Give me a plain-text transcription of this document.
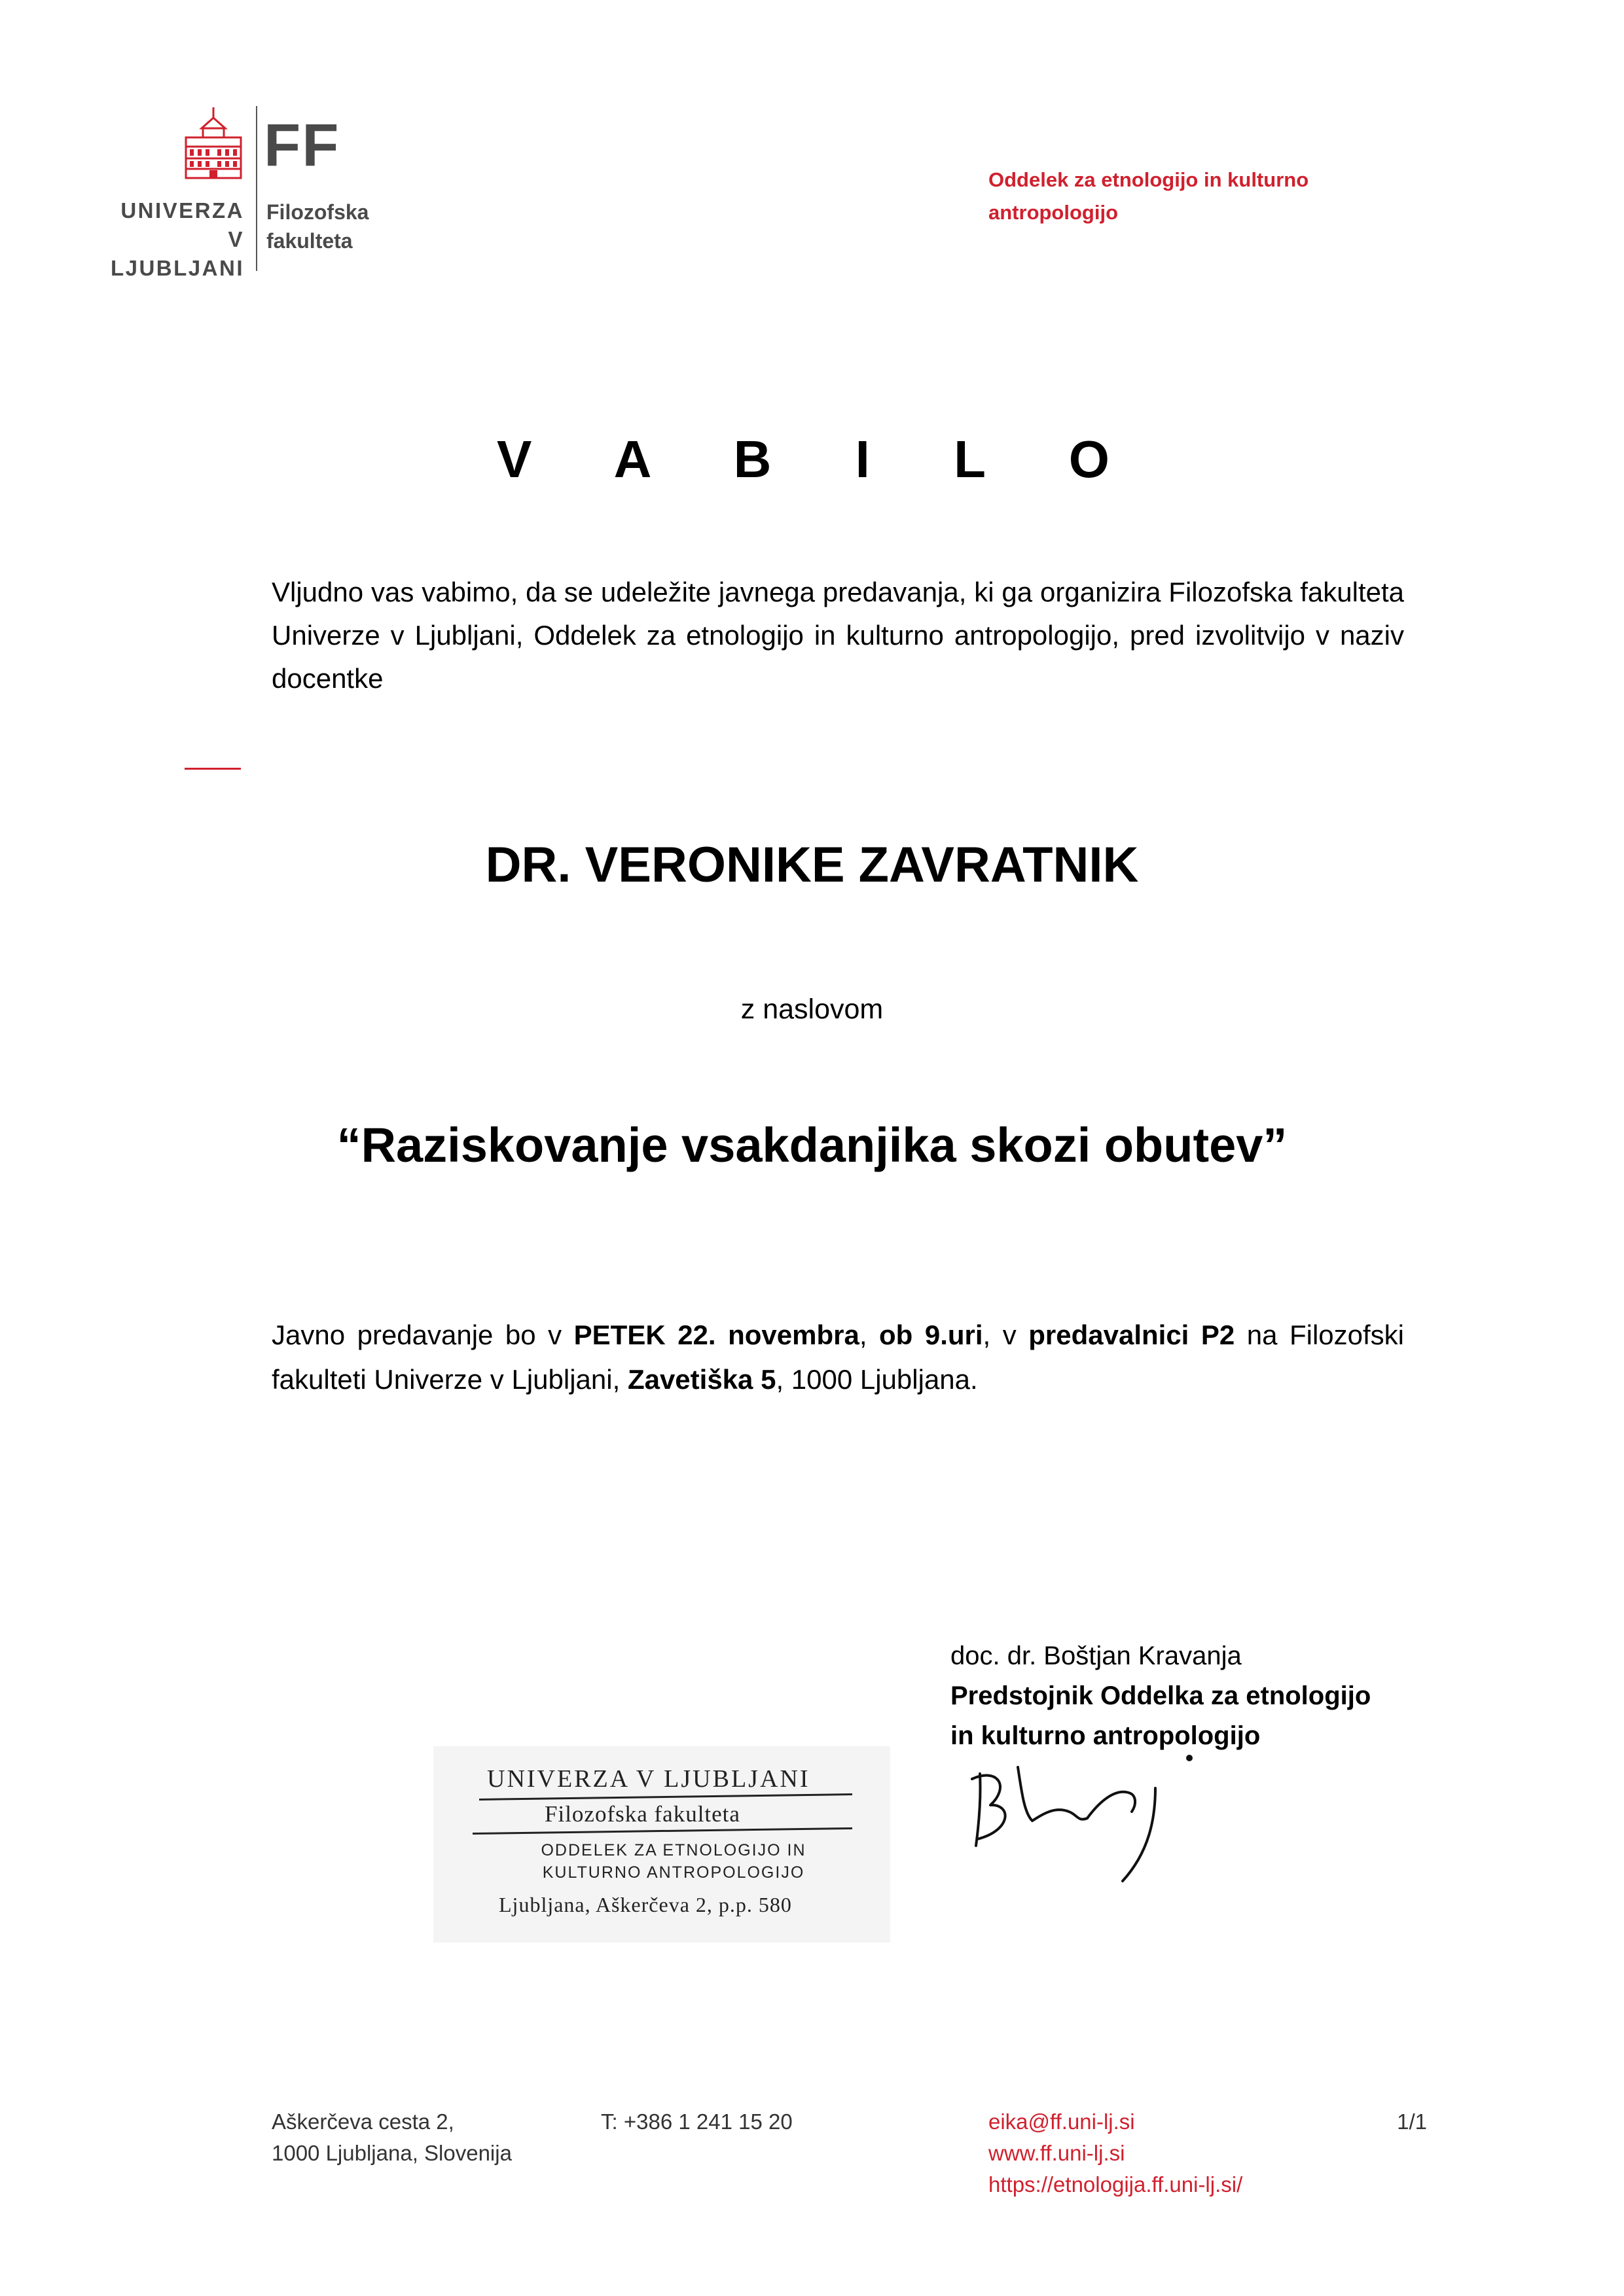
UNIVERZA
V LJUBLJANI
FF
Filozofska
fakulteta
Oddelek za etnologijo in kulturno
antropologijo
V A B I L O
Vljudno vas vabimo, da se udeležite javnega predavanja, ki ga organizira Filozofska fakulteta Univerze v Ljubljani, Oddelek za etnologijo in kulturno antropologijo, pred izvolitvijo v naziv docentke
DR. VERONIKE ZAVRATNIK
z naslovom
“Raziskovanje vsakdanjika skozi obutev”
Javno predavanje bo v PETEK 22. novembra, ob 9.uri, v predavalnici P2 na Filozofski fakulteti Univerze v Ljubljani, Zavetiška 5, 1000 Ljubljana.
doc. dr. Boštjan Kravanja
Predstojnik Oddelka za etnologijo
in kulturno antropologijo
UNIVERZA V LJUBLJANI
Filozofska fakulteta
ODDELEK ZA ETNOLOGIJO IN
KULTURNO ANTROPOLOGIJO
Ljubljana, Aškerčeva 2, p.p. 580
Aškerčeva cesta 2,
1000 Ljubljana, Slovenija
T: +386 1 241 15 20	eika@ff.uni-lj.si
www.ff.uni-lj.si
https://etnologija.ff.uni-lj.si/
1/1
